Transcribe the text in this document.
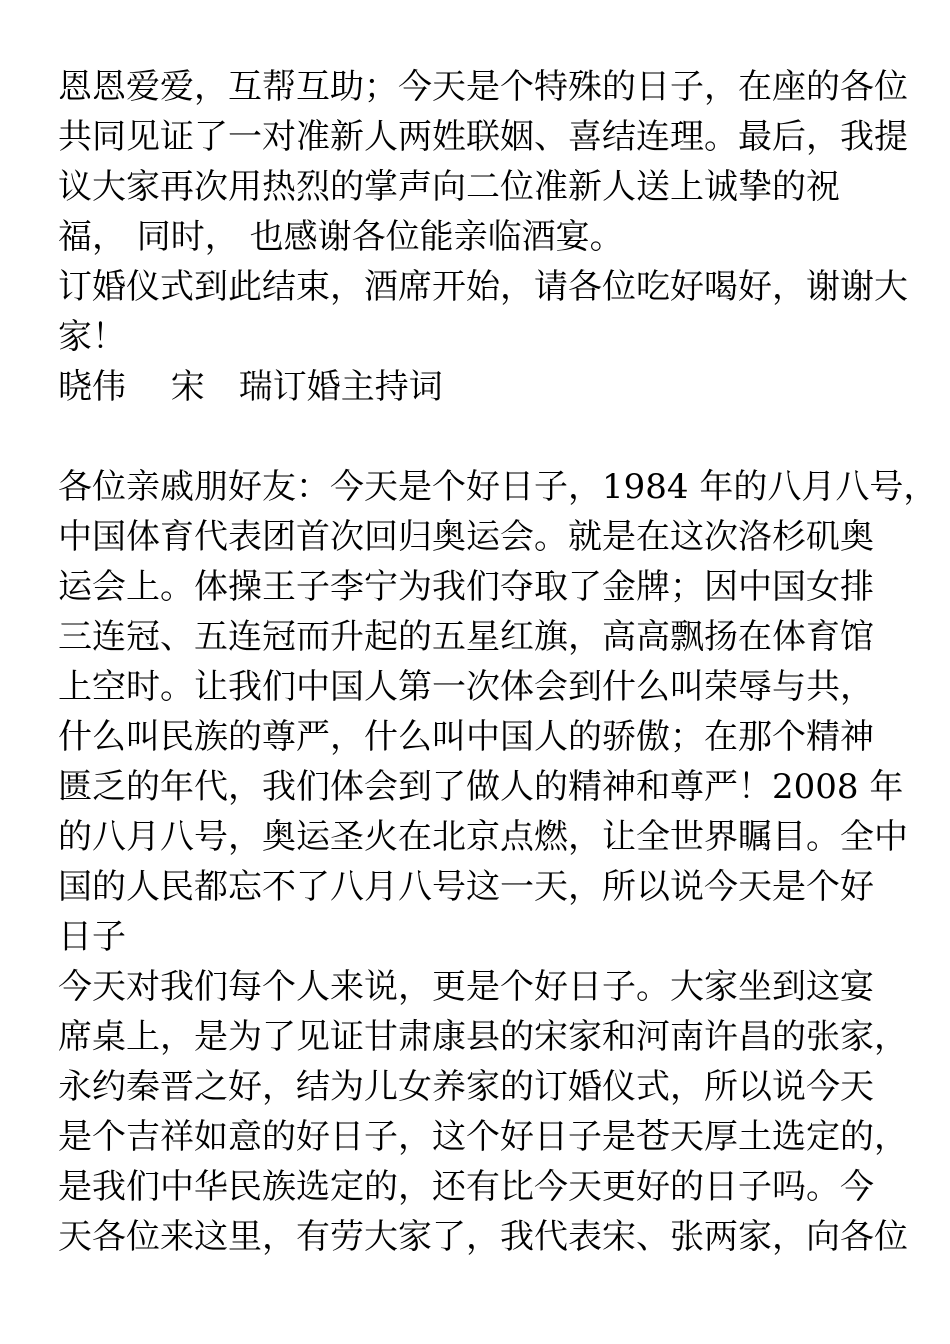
恩恩爱爱，互帮互助；今天是个特殊的日子，在座的各位
共同见证了一对准新人两姓联姻、喜结连理。最后，我提
议大家再次用热烈的掌声向二位准新人送上诚挚的祝
福， 同时， 也感谢各位能亲临酒宴。
订婚仪式到此结束，酒席开始，请各位吃好喝好，谢谢大
家！
晓伟　 宋　瑞订婚主持词
各位亲戚朋好友：今天是个好日子，1984 年的八月八号，
中国体育代表团首次回归奥运会。就是在这次洛杉矶奥
运会上。体操王子李宁为我们夺取了金牌；因中国女排
三连冠、五连冠而升起的五星红旗，高高飘扬在体育馆
上空时。让我们中国人第一次体会到什么叫荣辱与共，
什么叫民族的尊严，什么叫中国人的骄傲；在那个精神
匮乏的年代，我们体会到了做人的精神和尊严！2008 年
的八月八号，奥运圣火在北京点燃，让全世界瞩目。全中
国的人民都忘不了八月八号这一天，所以说今天是个好
日子
今天对我们每个人来说，更是个好日子。大家坐到这宴
席桌上，是为了见证甘肃康县的宋家和河南许昌的张家，
永约秦晋之好，结为儿女养家的订婚仪式，所以说今天
是个吉祥如意的好日子，这个好日子是苍天厚土选定的，
是我们中华民族选定的，还有比今天更好的日子吗。今
天各位来这里，有劳大家了，我代表宋、张两家，向各位
